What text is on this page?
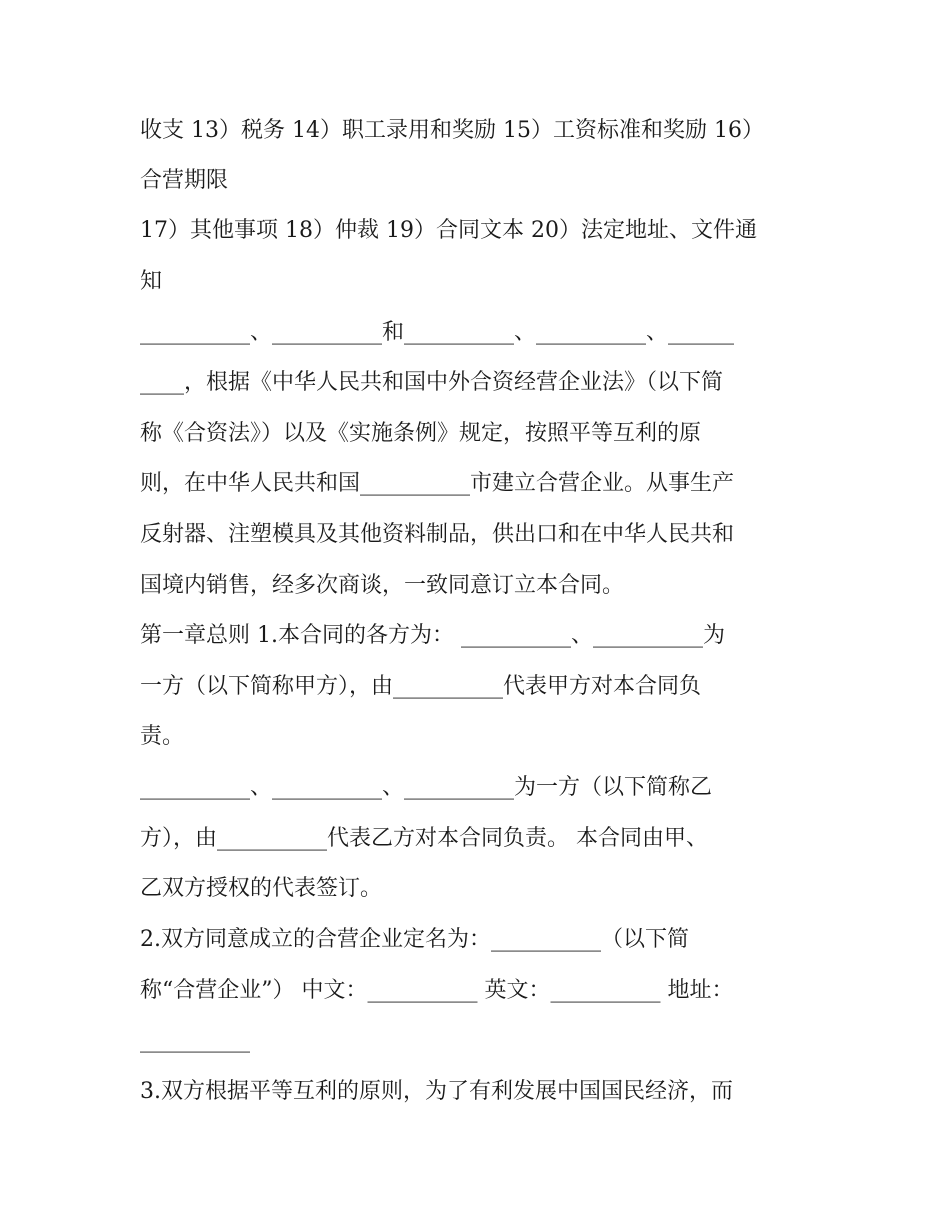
收支 13）税务 14）职工录用和奖励 15）工资标准和奖励 16）
合营期限
17）其他事项 18）仲裁 19）合同文本 20）法定地址、文件通
知
__________、__________和__________、__________、______
____，根据《中华人民共和国中外合资经营企业法》（以下简
称《合资法》）以及《实施条例》规定，按照平等互利的原
则，在中华人民共和国__________市建立合营企业。从事生产
反射器、注塑模具及其他资料制品，供出口和在中华人民共和
国境内销售，经多次商谈，一致同意订立本合同。
第一章总则 1.本合同的各方为： __________、__________为
一方（以下简称甲方），由__________代表甲方对本合同负
责。
__________、__________、__________为一方（以下简称乙
方），由__________代表乙方对本合同负责。 本合同由甲、
乙双方授权的代表签订。
2.双方同意成立的合营企业定名为：__________（以下简
称“合营企业”） 中文：__________ 英文：__________ 地址：
__________
3.双方根据平等互利的原则，为了有利发展中国国民经济，而
